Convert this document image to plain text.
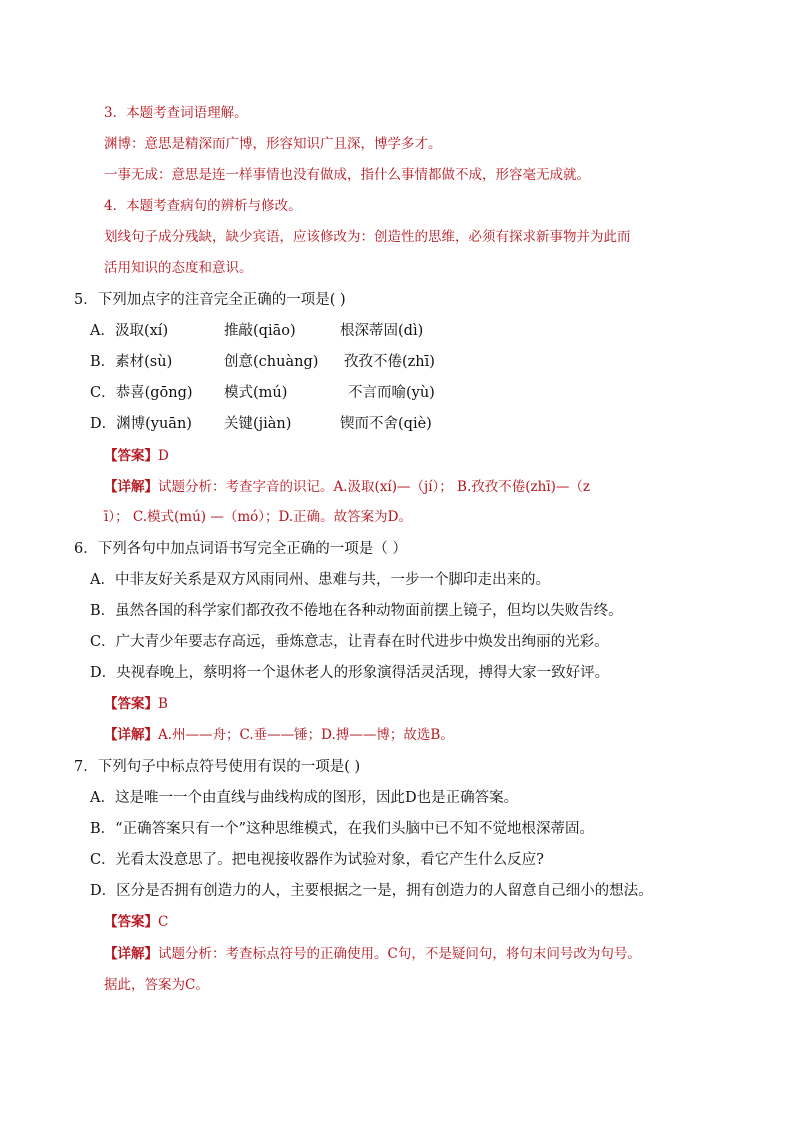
3．本题考查词语理解。
渊博：意思是精深而广博，形容知识广且深，博学多才。
一事无成：意思是连一样事情也没有做成，指什么事情都做不成，形容毫无成就。
4．本题考查病句的辨析与修改。
划线句子成分残缺，缺少宾语，应该修改为：创造性的思维，必须有探求新事物并为此而
活用知识的态度和意识。
5．下列加点字的注音完全正确的一项是( )
A．汲取(xí)	推敲(qiāo)	根深蒂固(dì)
B．素材(sù)	创意(chuàng) 孜孜不倦(zhī)
C．恭喜(gōng) 模式(mú)	不言而喻(yù)
D．渊博(yuān) 关键(jiàn)	锲而不舍(qiè)
【答案】D
【详解】试题分析：考查字音的识记。A.汲取(xí)—（jí）； B.孜孜不倦(zhī)—（z
ī）； C.模式(mú) —（mó）；D.正确。故答案为D。
6．下列各句中加点词语书写完全正确的一项是（ ）
A．中非友好关系是双方风雨同州、患难与共，一步一个脚印走出来的。
B．虽然各国的科学家们都孜孜不倦地在各种动物面前摆上镜子，但均以失败告终。
C．广大青少年要志存高远，垂炼意志，让青春在时代进步中焕发出绚丽的光彩。
D．央视春晚上，蔡明将一个退休老人的形象演得活灵活现，搏得大家一致好评。
【答案】B
【详解】A.州——舟；C.垂——锤；D.搏——博；故选B。
7．下列句子中标点符号使用有误的一项是( )
A．这是唯一一个由直线与曲线构成的图形，因此D也是正确答案。
B．“正确答案只有一个”这种思维模式，在我们头脑中已不知不觉地根深蒂固。
C．光看太没意思了。把电视接收器作为试验对象，看它产生什么反应?
D．区分是否拥有创造力的人，主要根据之一是，拥有创造力的人留意自己细小的想法。
【答案】C
【详解】试题分析：考查标点符号的正确使用。C句，不是疑问句，将句末问号改为句号。
据此，答案为C。
